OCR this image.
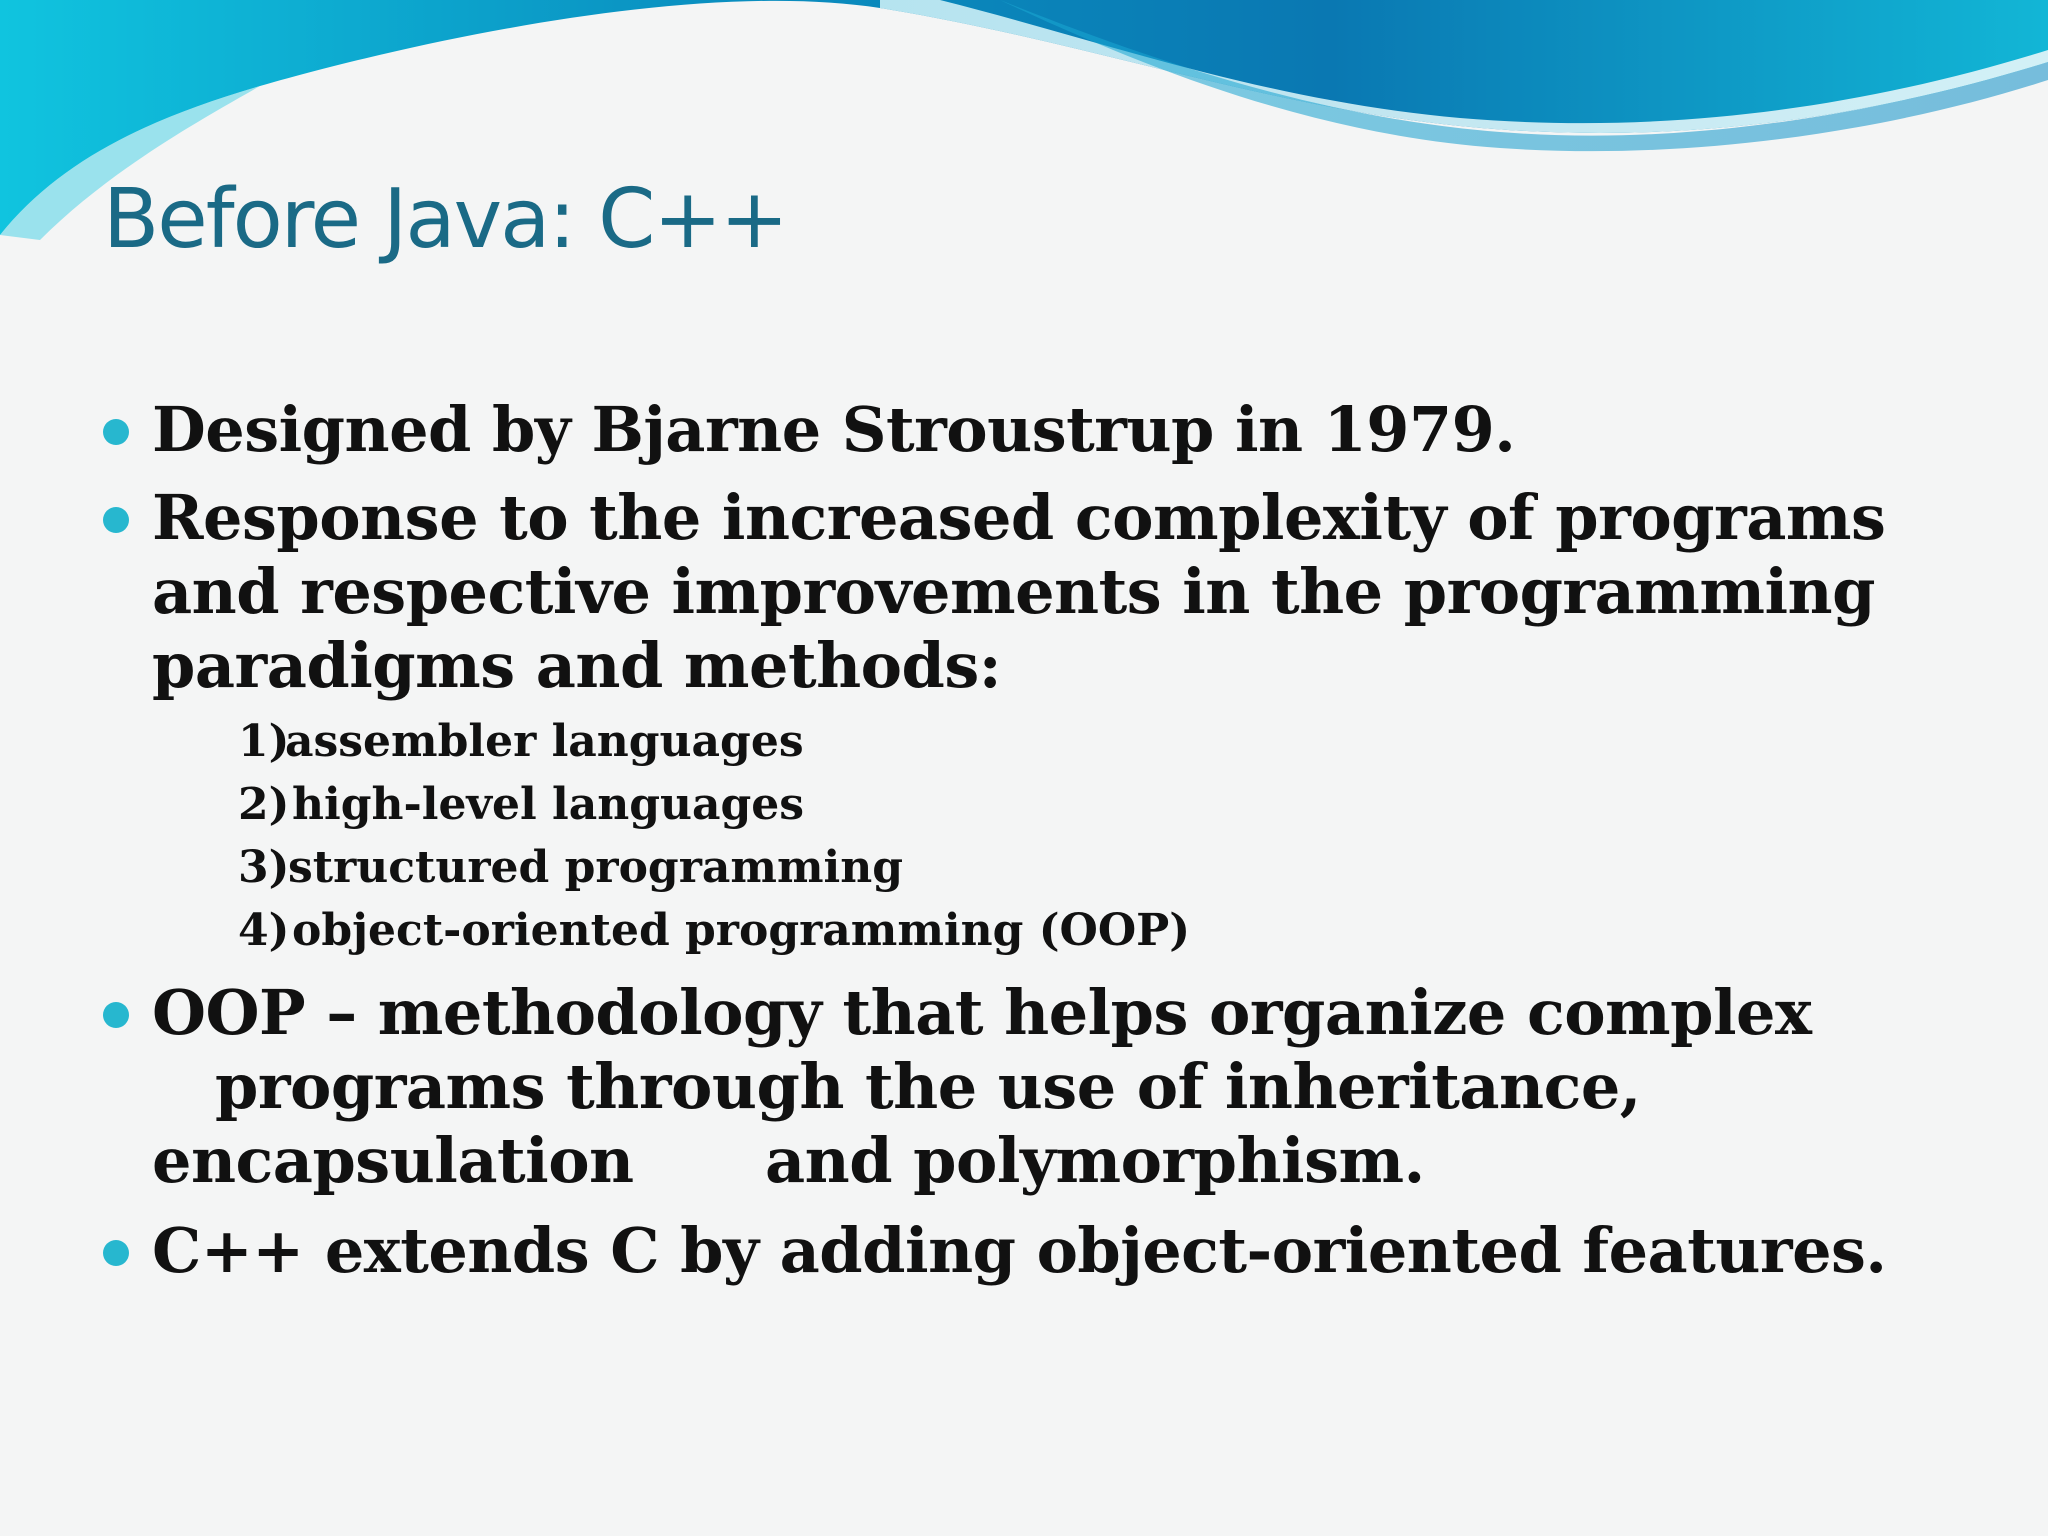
Before Java: C++
Designed by Bjarne Stroustrup in 1979.
Response to the increased complexity of programs
and respective improvements in the programming
paradigms and methods:
1)
assembler languages
2) high-level languages
3)
structured programming
4) object-oriented programming (OOP)
OOP – methodology that helps organize complex
programs through the use of inheritance,
encapsulation and polymorphism.
C++ extends C by adding object-oriented features.
